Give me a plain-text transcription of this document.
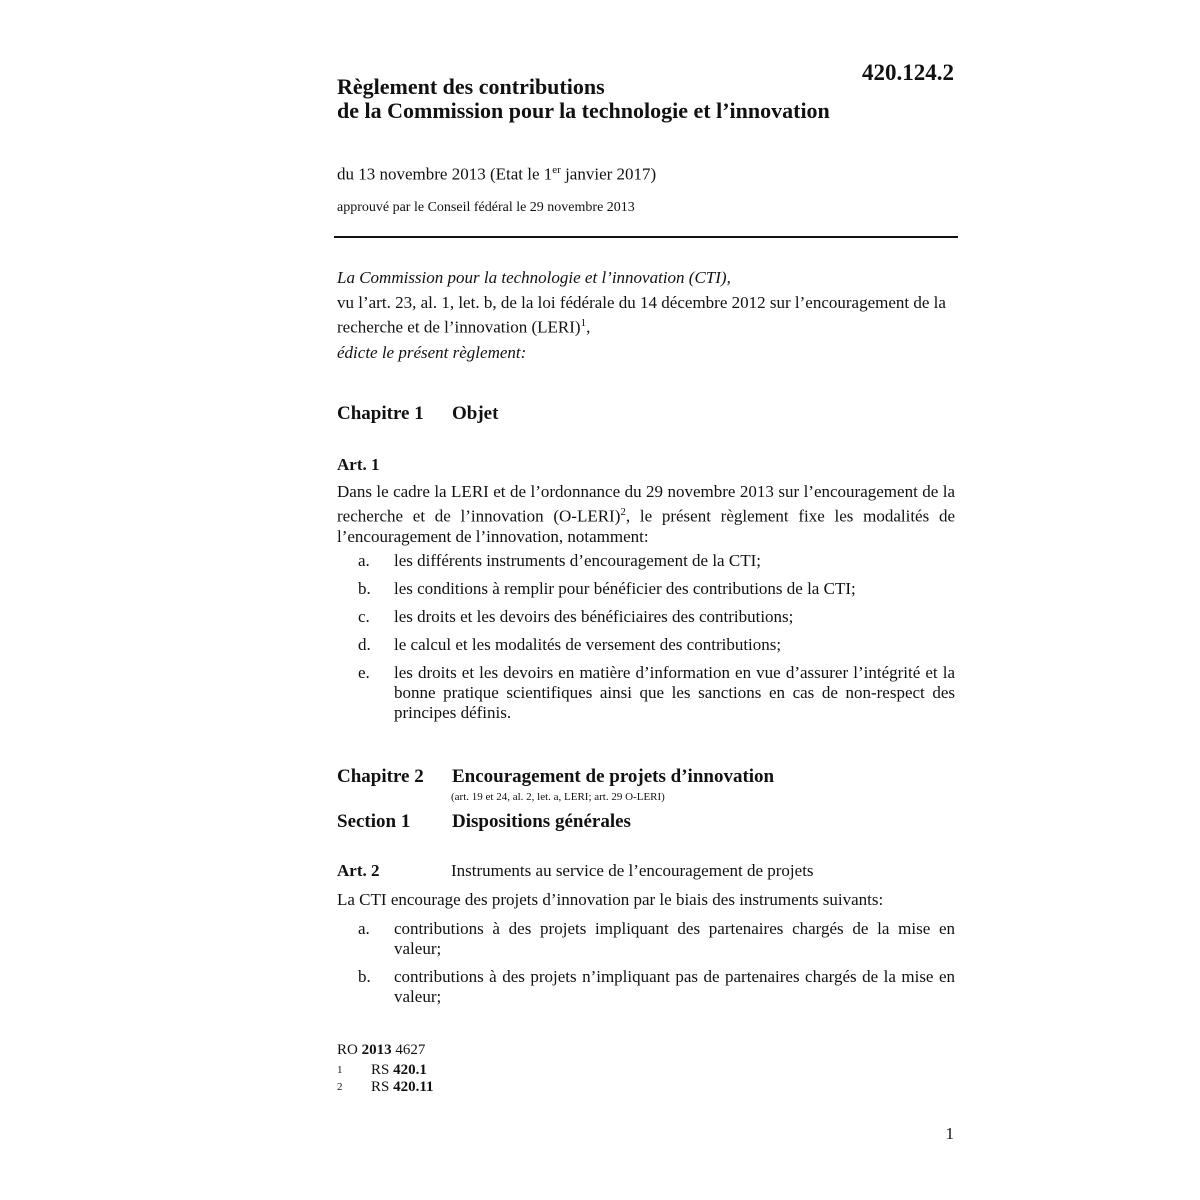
420.124.2
Règlement des contributions
de la Commission pour la technologie et l’innovation
du 13 novembre 2013 (Etat le 1er janvier 2017)
approuvé par le Conseil fédéral le 29 novembre 2013

La Commission pour la technologie et l’innovation (CTI),

vu l’art. 23, al. 1, let. b, de la loi fédérale du 14 décembre 2012 sur l’encouragement de la recherche et de l’innovation (LERI)$^1$,

édicte le présent règlement:

Chapitre 1 Objet
Art. 1
Dans le cadre la LERI et de l’ordonnance du 29 novembre 2013 sur l’encouragement de la recherche et de l’innovation (O-LERI)$^2$, le présent règlement fixe les modalités de l’encouragement de l’innovation, notamment:
a. les différents instruments d’encouragement de la CTI;
b. les conditions à remplir pour bénéficier des contributions de la CTI;
c. les droits et les devoirs des bénéficiaires des contributions;
d. le calcul et les modalités de versement des contributions;
e. les droits et les devoirs en matière d’information en vue d’assurer l’intégrité et la bonne pratique scientifiques ainsi que les sanctions en cas de non-respect des principes définis.
Chapitre 2 Encouragement de projets d’innovation
(art. 19 et 24, al. 2, let. a, LERI; art. 29 O-LERI)
Section 1 Dispositions générales
Art. 2	Instruments au service de l’encouragement de projets
La CTI encourage des projets d’innovation par le biais des instruments suivants:
a. contributions à des projets impliquant des partenaires chargés de la mise en valeur;
b. contributions à des projets n’impliquant pas de partenaires chargés de la mise en valeur;
RO 2013 4627
1 RS 420.1
2 RS 420.11
1
